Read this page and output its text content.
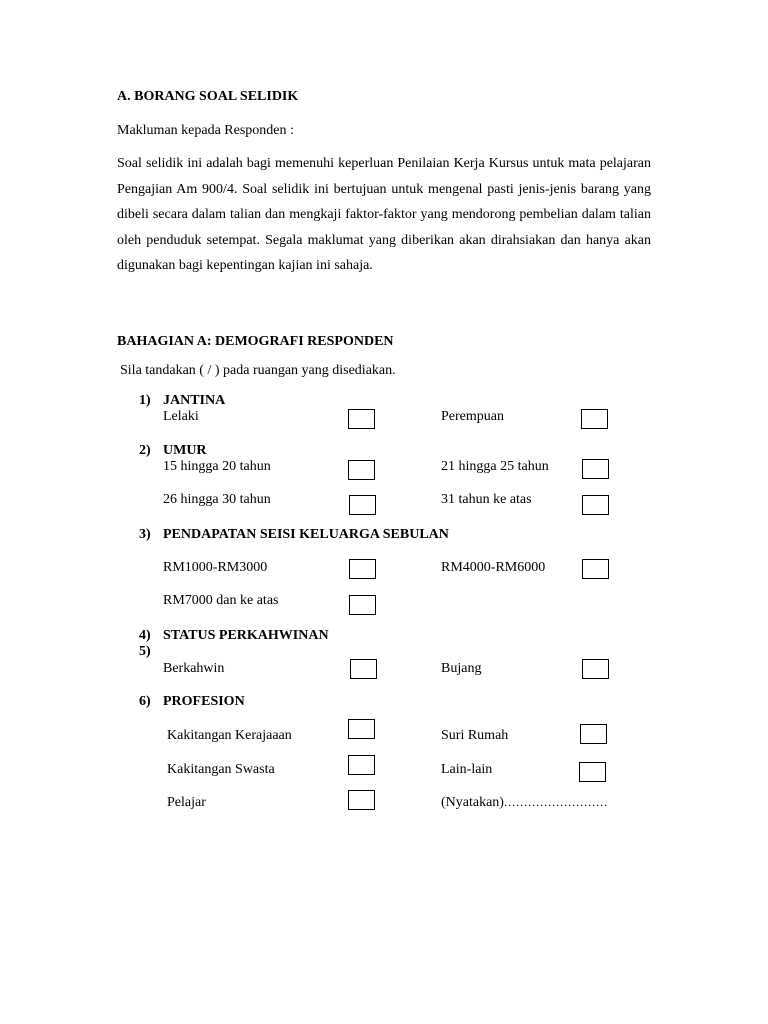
A. BORANG SOAL SELIDIK
Makluman kepada Responden :
Soal selidik ini adalah bagi memenuhi keperluan Penilaian Kerja Kursus untuk mata pelajaran Pengajian Am 900/4. Soal selidik ini bertujuan untuk mengenal pasti jenis-jenis barang yang dibeli secara dalam talian dan mengkaji faktor-faktor yang mendorong pembelian dalam talian oleh penduduk setempat. Segala maklumat yang diberikan akan dirahsiakan dan hanya akan digunakan bagi kepentingan kajian ini sahaja.
BAHAGIAN A: DEMOGRAFI RESPONDEN
Sila tandakan ( / ) pada ruangan yang disediakan.
1) JANTINA
Lelaki	Perempuan
2) UMUR
15 hingga 20 tahun	21 hingga 25 tahun
26 hingga 30 tahun	31 tahun ke atas
3) PENDAPATAN SEISI KELUARGA SEBULAN
RM1000-RM3000	RM4000-RM6000
RM7000 dan ke atas
4)
5)
STATUS PERKAHWINAN
Berkahwin	Bujang
6) PROFESION
Kakitangan Kerajaaan	Suri Rumah
Kakitangan Swasta	Lain-lain
Pelajar	(Nyatakan)..........................
